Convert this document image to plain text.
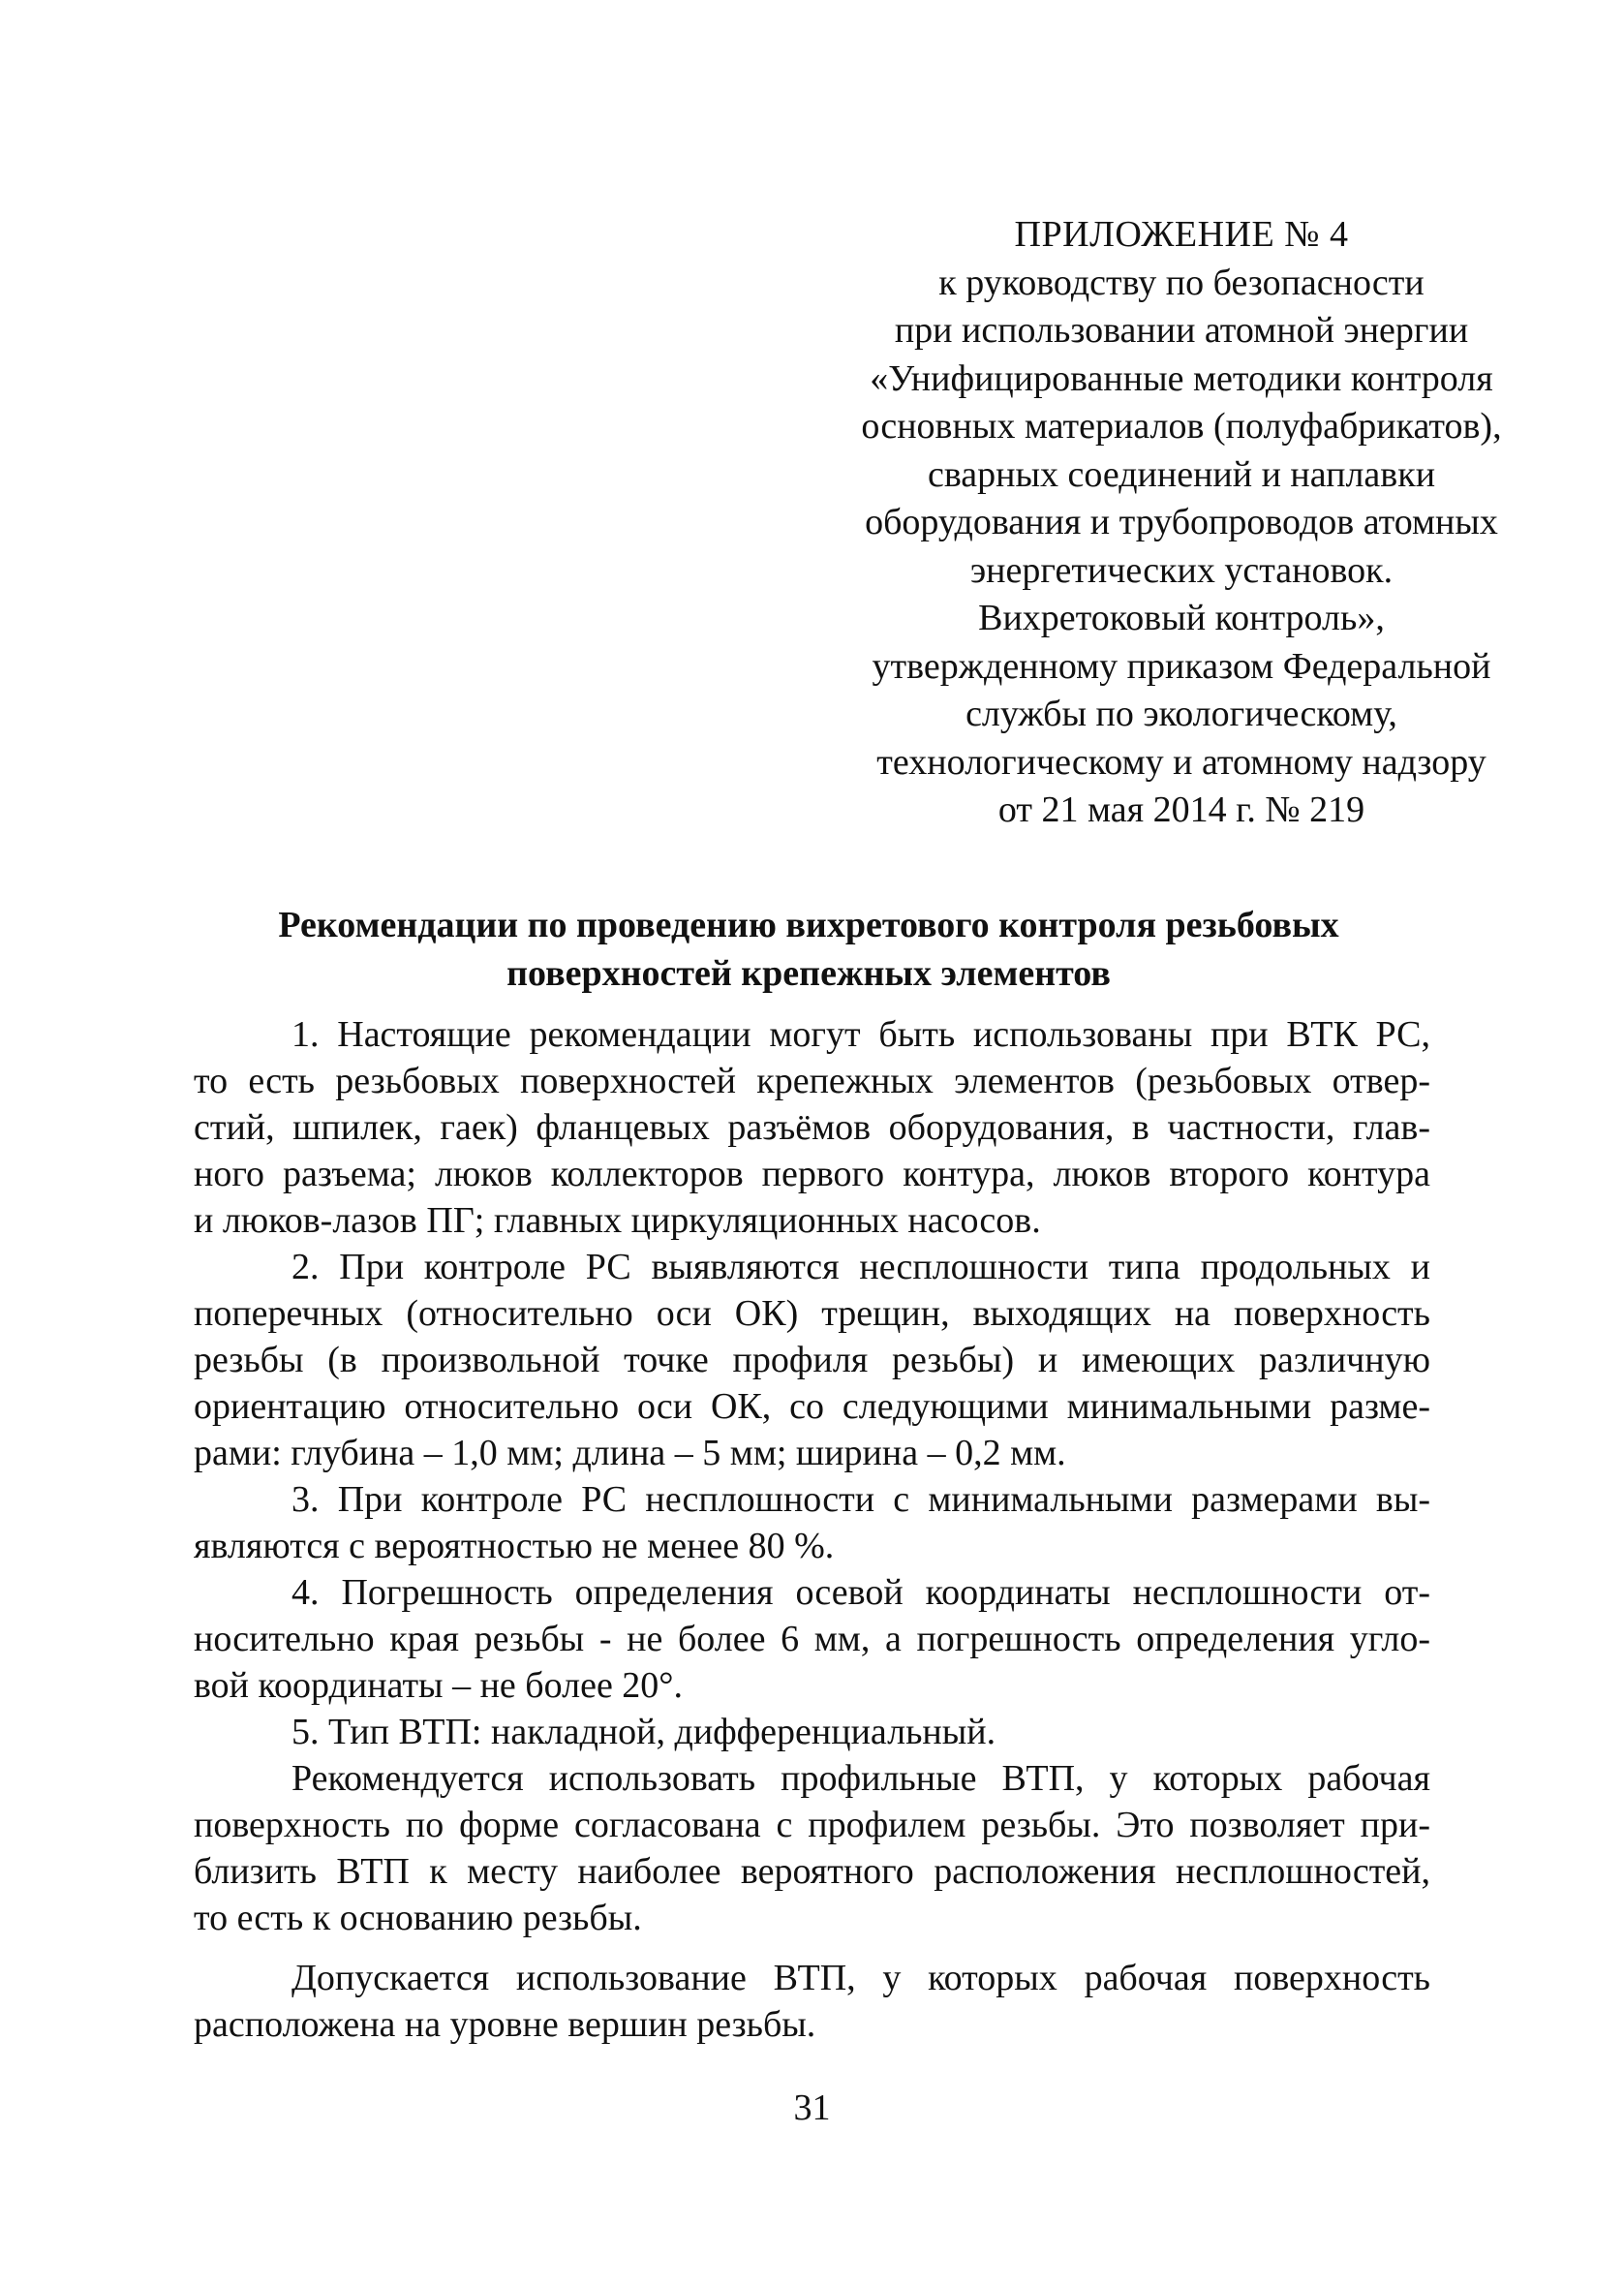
ПРИЛОЖЕНИЕ № 4
к руководству по безопасности
при использовании атомной энергии
«Унифицированные методики контроля
основных материалов (полуфабрикатов),
сварных соединений и наплавки
оборудования и трубопроводов атомных
энергетических установок.
Вихретоковый контроль»,
утвержденному приказом Федеральной
службы по экологическому,
технологическому и атомному надзору
от 21 мая 2014 г. № 219
Рекомендации по проведению вихретового контроля резьбовых
поверхностей крепежных элементов

1. Настоящие рекомендации могут быть использованы при ВТК РС,
то есть резьбовых поверхностей крепежных элементов (резьбовых отвер-
стий, шпилек, гаек) фланцевых разъёмов оборудования, в частности, глав-
ного разъема; люков коллекторов первого контура, люков второго контура
и люков-лазов ПГ; главных циркуляционных насосов.

2. При контроле РС выявляются несплошности типа продольных и
поперечных (относительно оси ОК) трещин, выходящих на поверхность
резьбы (в произвольной точке профиля резьбы) и имеющих различную
ориентацию относительно оси ОК, со следующими минимальными разме-
рами: глубина – 1,0 мм; длина – 5 мм; ширина – 0,2 мм.

3. При контроле РС несплошности с минимальными размерами вы-
являются с вероятностью не менее 80 %.

4. Погрешность определения осевой координаты несплошности от-
носительно края резьбы - не более 6 мм, а погрешность определения угло-
вой координаты – не более 20°.

5. Тип ВТП: накладной, дифференциальный.

Рекомендуется использовать профильные ВТП, у которых рабочая
поверхность по форме согласована с профилем резьбы. Это позволяет при-
близить ВТП к месту наиболее вероятного расположения несплошностей,
то есть к основанию резьбы.

Допускается использование ВТП, у которых рабочая поверхность
расположена на уровне вершин резьбы.

31
